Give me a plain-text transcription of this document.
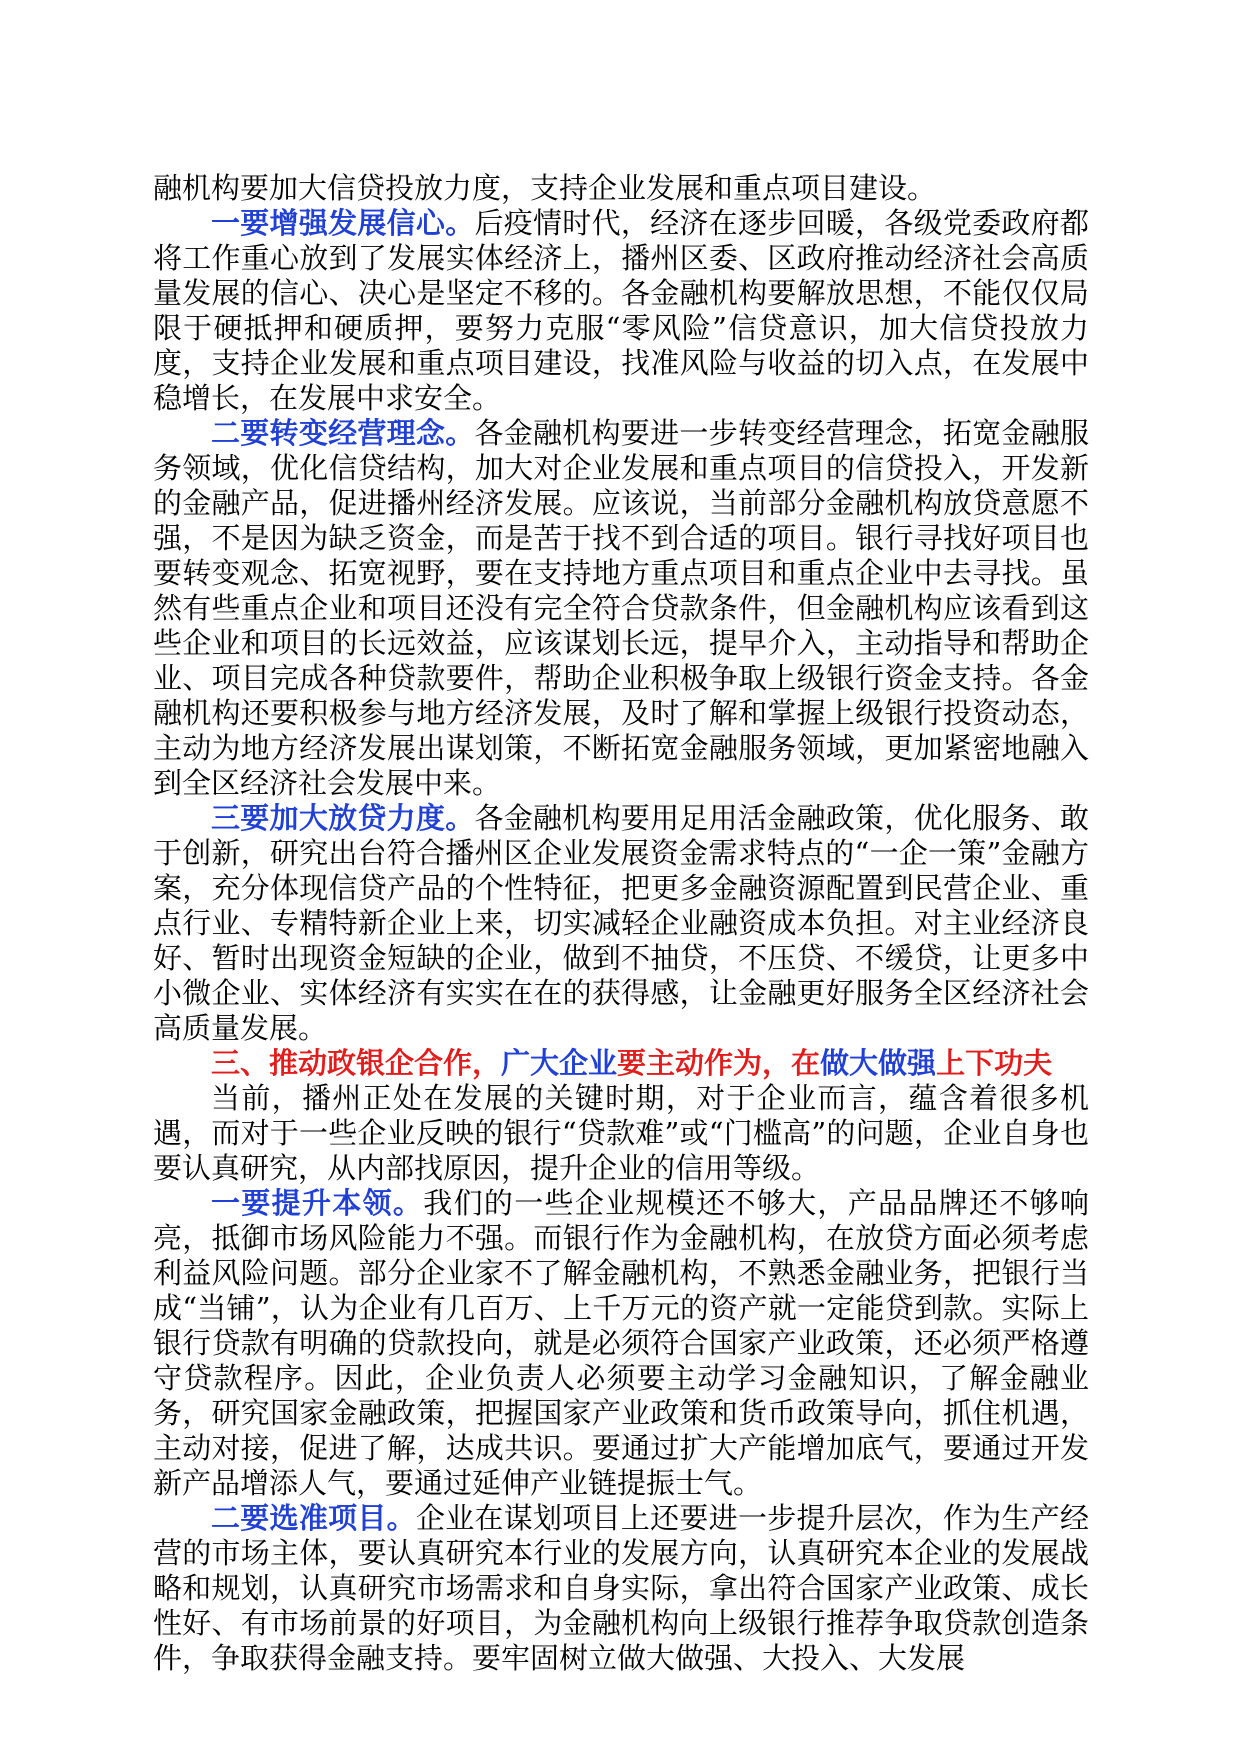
融机构要加大信贷投放力度，支持企业发展和重点项目建设。

一要增强发展信心。后疫情时代，经济在逐步回暖，各级党委政府都将工作重心放到了发展实体经济上，播州区委、区政府推动经济社会高质量发展的信心、决心是坚定不移的。各金融机构要解放思想，不能仅仅局限于硬抵押和硬质押，要努力克服“零风险”信贷意识，加大信贷投放力度，支持企业发展和重点项目建设，找准风险与收益的切入点，在发展中稳增长，在发展中求安全。

二要转变经营理念。各金融机构要进一步转变经营理念，拓宽金融服务领域，优化信贷结构，加大对企业发展和重点项目的信贷投入，开发新的金融产品，促进播州经济发展。应该说，当前部分金融机构放贷意愿不强，不是因为缺乏资金，而是苦于找不到合适的项目。银行寻找好项目也要转变观念、拓宽视野，要在支持地方重点项目和重点企业中去寻找。虽然有些重点企业和项目还没有完全符合贷款条件，但金融机构应该看到这些企业和项目的长远效益，应该谋划长远，提早介入，主动指导和帮助企业、项目完成各种贷款要件，帮助企业积极争取上级银行资金支持。各金融机构还要积极参与地方经济发展，及时了解和掌握上级银行投资动态，主动为地方经济发展出谋划策，不断拓宽金融服务领域，更加紧密地融入到全区经济社会发展中来。

三要加大放贷力度。各金融机构要用足用活金融政策，优化服务、敢于创新，研究出台符合播州区企业发展资金需求特点的“一企一策”金融方案，充分体现信贷产品的个性特征，把更多金融资源配置到民营企业、重点行业、专精特新企业上来，切实减轻企业融资成本负担。对主业经济良好、暂时出现资金短缺的企业，做到不抽贷，不压贷、不缓贷，让更多中小微企业、实体经济有实实在在的获得感，让金融更好服务全区经济社会高质量发展。

三、推动政银企合作，广大企业要主动作为，在做大做强上下功夫

当前，播州正处在发展的关键时期，对于企业而言，蕴含着很多机遇，而对于一些企业反映的银行“贷款难”或“门槛高”的问题，企业自身也要认真研究，从内部找原因，提升企业的信用等级。

一要提升本领。我们的一些企业规模还不够大，产品品牌还不够响亮，抵御市场风险能力不强。而银行作为金融机构，在放贷方面必须考虑利益风险问题。部分企业家不了解金融机构，不熟悉金融业务，把银行当成“当铺”，认为企业有几百万、上千万元的资产就一定能贷到款。实际上银行贷款有明确的贷款投向，就是必须符合国家产业政策，还必须严格遵守贷款程序。因此，企业负责人必须要主动学习金融知识，了解金融业务，研究国家金融政策，把握国家产业政策和货币政策导向，抓住机遇，主动对接，促进了解，达成共识。要通过扩大产能增加底气，要通过开发新产品增添人气，要通过延伸产业链提振士气。

二要选准项目。企业在谋划项目上还要进一步提升层次，作为生产经营的市场主体，要认真研究本行业的发展方向，认真研究本企业的发展战略和规划，认真研究市场需求和自身实际，拿出符合国家产业政策、成长性好、有市场前景的好项目，为金融机构向上级银行推荐争取贷款创造条件，争取获得金融支持。要牢固树立做大做强、大投入、大发展
